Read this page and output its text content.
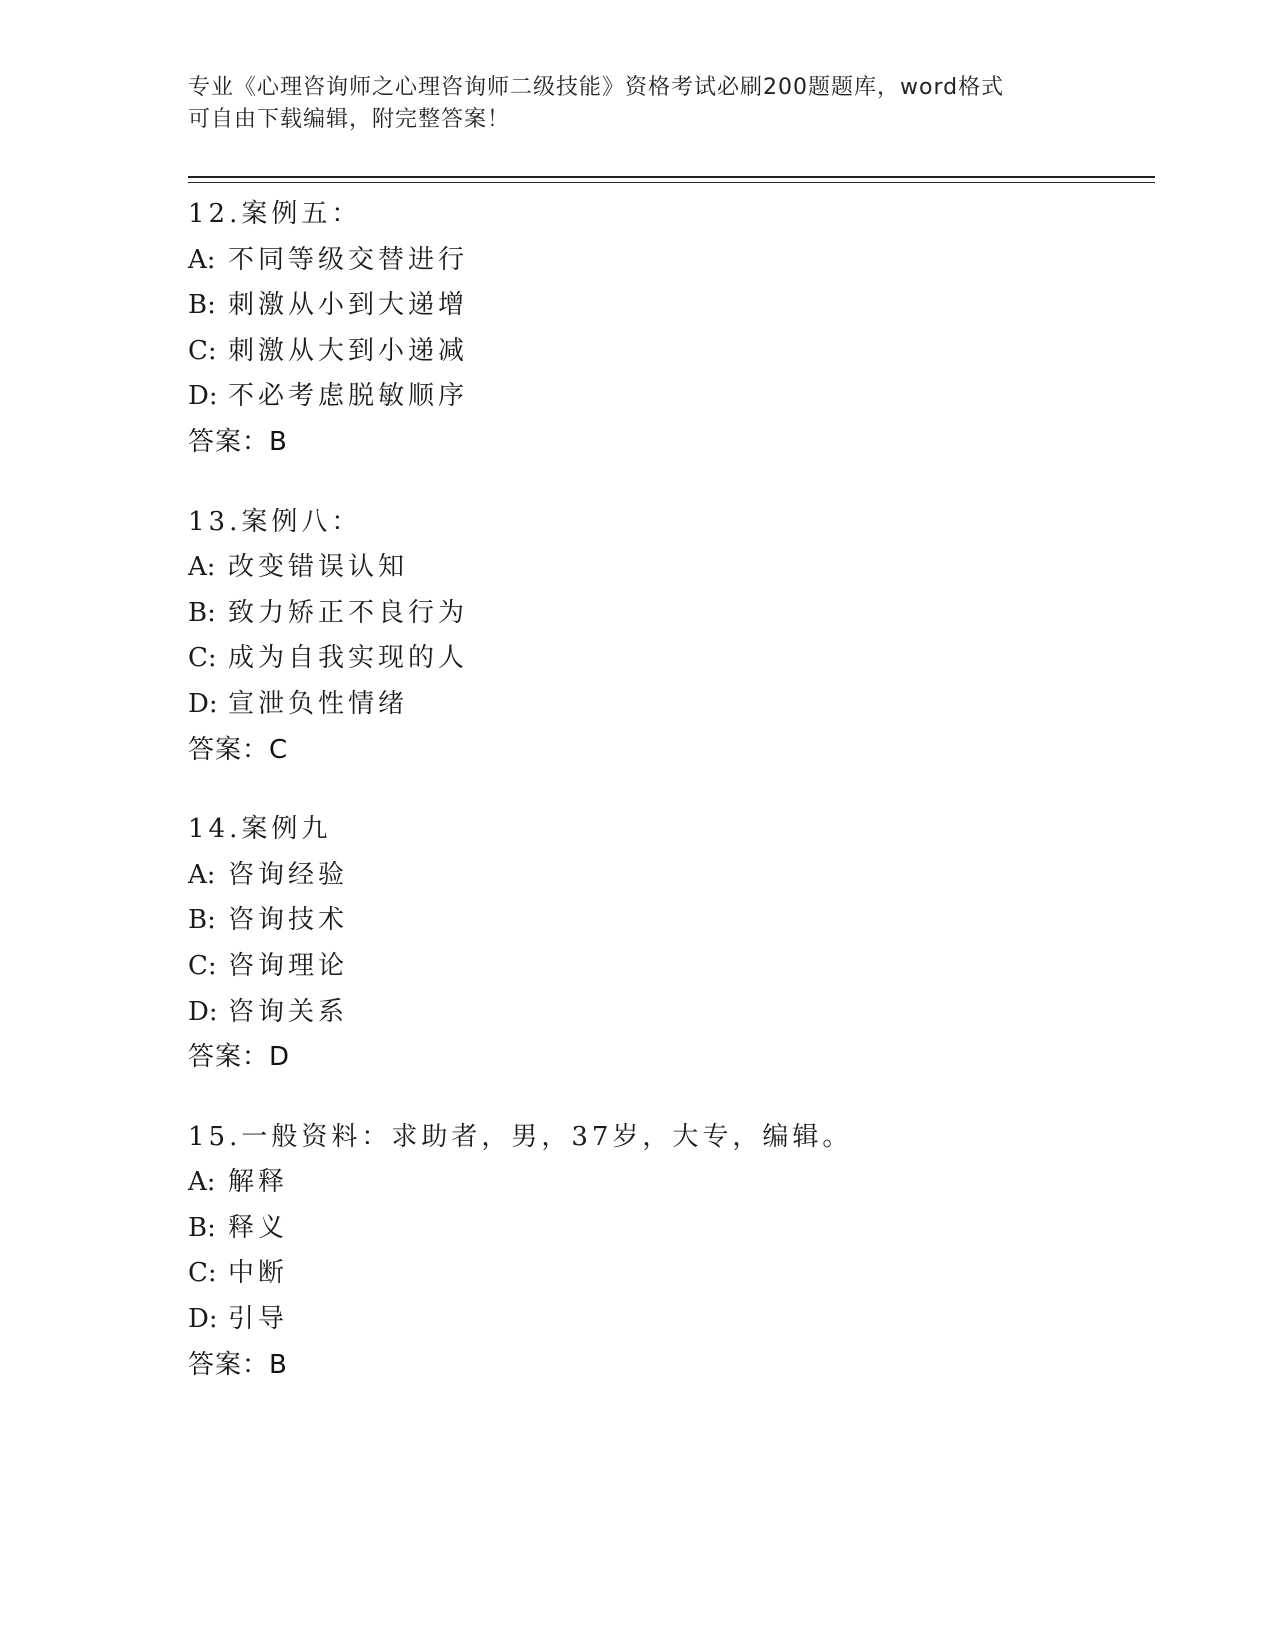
专业《心理咨询师之心理咨询师二级技能》资格考试必刷200题题库，word格式
可自由下载编辑，附完整答案！
12.案例五：
A: 不同等级交替进行
B: 刺激从小到大递增
C: 刺激从大到小递减
D: 不必考虑脱敏顺序
答案：B
13.案例八：
A: 改变错误认知
B: 致力矫正不良行为
C: 成为自我实现的人
D: 宣泄负性情绪
答案：C
14.案例九
A: 咨询经验
B: 咨询技术
C: 咨询理论
D: 咨询关系
答案：D
15.一般资料：求助者，男，37岁，大专，编辑。
A: 解释
B: 释义
C: 中断
D: 引导
答案：B
